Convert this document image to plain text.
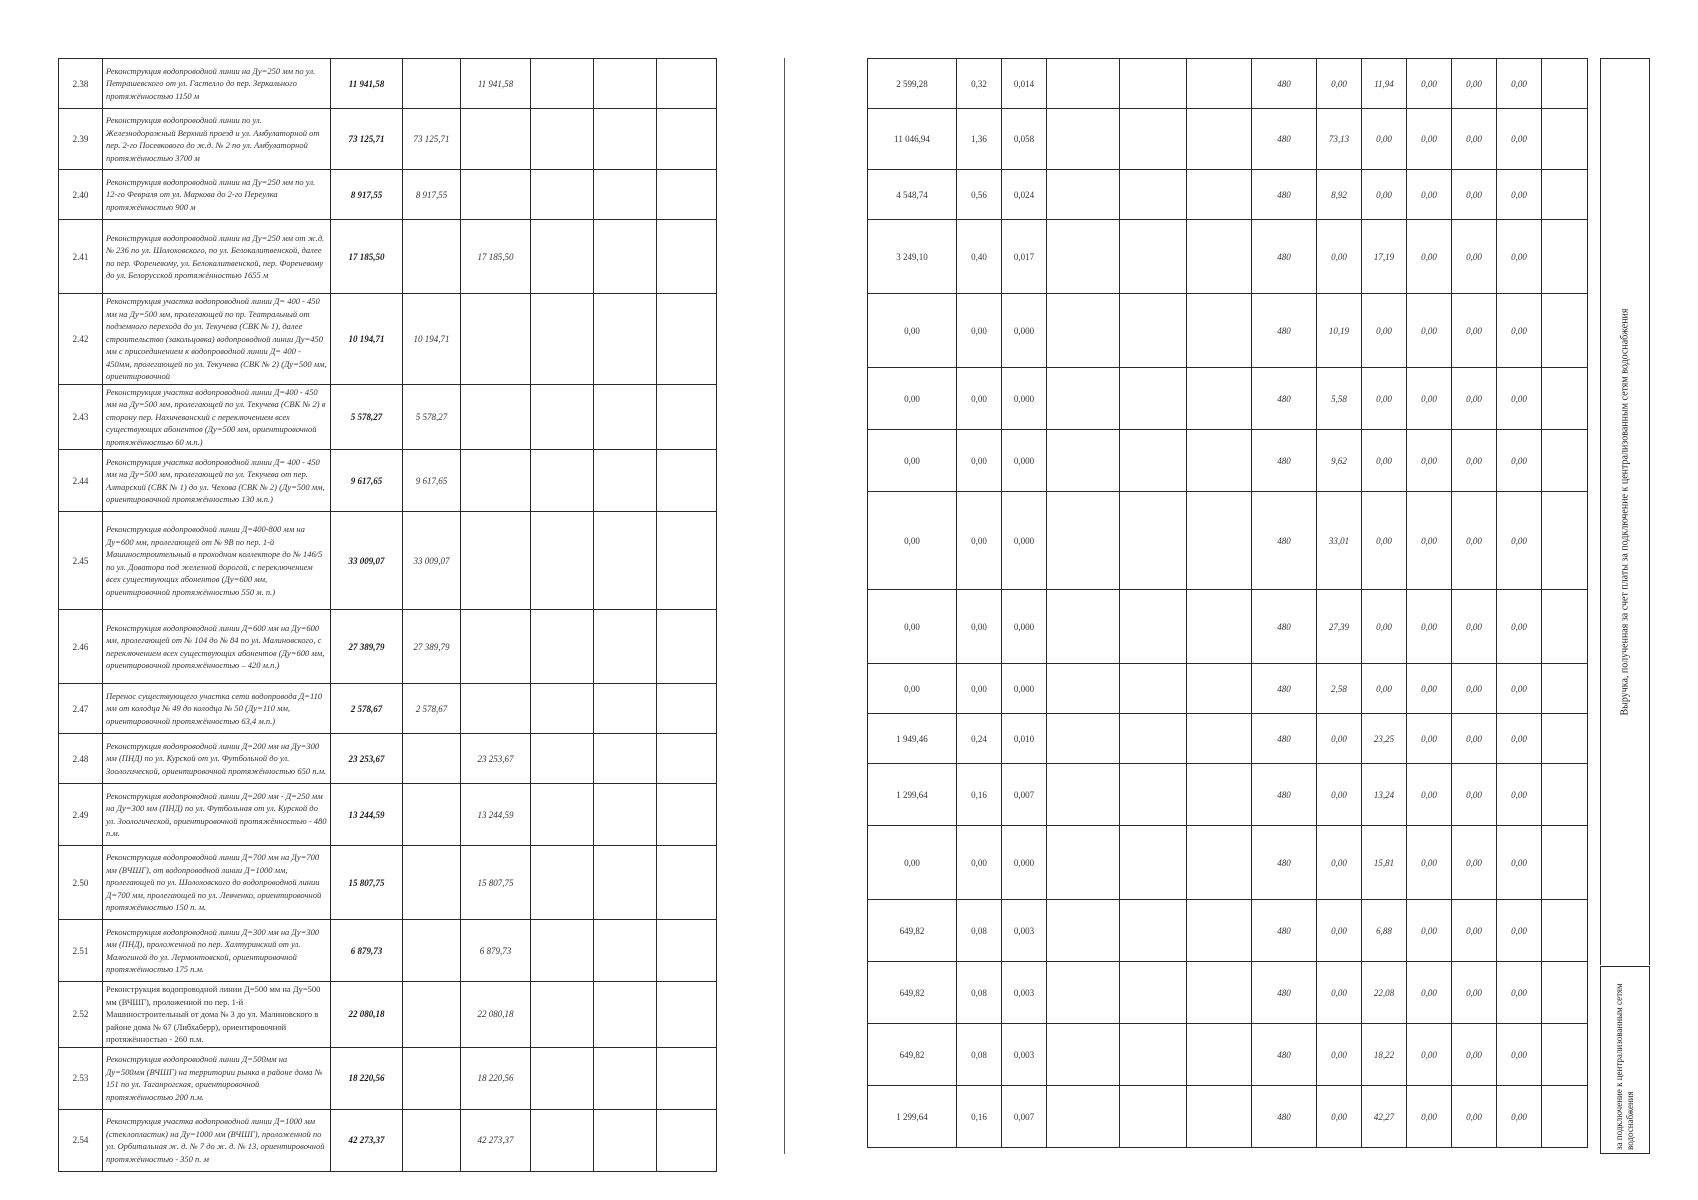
2.38	Реконструкция водопроводной линии на Ду=250 мм по ул. Петрашевского от ул. Гастелло до пер. Зеркального протяжённостью 1150 м	11 941,58		11 941,58			
2.39	Реконструкция водопроводной линии по ул. Железнодорожный Верхний проезд и ул. Амбулаторной от пер. 2-го Посевкового до ж.д. № 2 по ул. Амбулаторной протяжённостью 3700 м	73 125,71	73 125,71				
2.40	Реконструкция водопроводной линии на Ду=250 мм по ул. 12-го Февраля от ул. Маркова до 2-го Переулка протяжённостью 900 м	8 917,55	8 917,55				
2.41	Реконструкция водопроводной линии на Ду=250 мм от ж.д. № 236 по ул. Шолоховского, по ул. Белокалитвенской, далее по пер. Фореневому, ул. Белокалитвенской, пер. Фореневому до ул. Белорусской протяжённостью 1655 м	17 185,50		17 185,50			
2.42	Реконструкция участка водопроводной линии Д= 400 - 450 мм на Ду=500 мм, пролегающей по пр. Театральный от подземного перехода до ул. Текучева (СВК № 1), далее строительство (закольцовка) водопроводной линии Ду=450 мм с присоединением к водопроводной линии Д= 400 - 450мм, пролегающей по ул. Текучева (СВК № 2) (Ду=500 мм, ориентировочной	10 194,71	10 194,71				
2.43	Реконструкция участка водопроводной линии Д=400 - 450 мм на Ду=500 мм, пролегающей по ул. Текучева (СВК № 2) в сторону пер. Нахичеванский с переключением всех существующих абонентов (Ду=500 мм, ориентировочной протяжённостью 60 м.п.)	5 578,27	5 578,27				
2.44	Реконструкция участка водопроводной линии Д= 400 - 450 мм на Ду=500 мм, пролегающей по ул. Текучева от пер. Алтарский (СВК № 1) до ул. Чехова (СВК № 2) (Ду=500 мм, ориентировочной протяжённостью 130 м.п.)	9 617,65	9 617,65				
2.45	Реконструкция водопроводной линии Д=400-800 мм на Ду=600 мм, пролегающей от № 9В по пер. 1-й Машиностроительный в проходном коллекторе до № 146/5 по ул. Доватора под железной дорогой, с переключением всех существующих абонентов (Ду=600 мм, ориентировочной протяжённостью 550 м. п.)	33 009,07	33 009,07				
2.46	Реконструкция водопроводной линии Д=600 мм на Ду=600 мм, пролегающей от № 104 до № 84 по ул. Малиновского, с переключением всех существующих абонентов (Ду=600 мм, ориентировочной протяжённостью – 420 м.п.)	27 389,79	27 389,79				
2.47	Перенос существующего участка сети водопровода Д=110 мм от колодца № 49 до колодца № 50 (Ду=110 мм, ориентировочной протяжённостью 63,4 м.п.)	2 578,67	2 578,67				
2.48	Реконструкция водопроводной линии Д=200 мм на Ду=300 мм (ПНД) по ул. Курской от ул. Футбольной до ул. Зоологической, ориентировочной протяжённостью 650 п.м.	23 253,67		23 253,67			
2.49	Реконструкция водопроводной линии Д=200 мм - Д=250 мм на Ду=300 мм (ПНД) по ул. Футбольная от ул. Курской до ул. Зоологической, ориентировочной протяжённостью - 480 п.м.	13 244,59		13 244,59			
2.50	Реконструкция водопроводной линии Д=700 мм на Ду=700 мм (ВЧШГ), от водопроводной линии Д=1000 мм, пролегающей по ул. Шолоховского до водопроводной линии Д=700 мм, пролегающей по ул. Левченко, ориентировочной протяжённостью 150 п. м.	15 807,75		15 807,75			
2.51	Реконструкция водопроводной линии Д=300 мм на Ду=300 мм (ПНД), проложенной по пер. Халтуринский от ул. Малюгиной до ул. Лермонтовской, ориентировочной протяжённостью 175 п.м.	6 879,73		6 879,73			
2.52	Реконструкция водопроводной линии Д=500 мм на Ду=500 мм (ВЧШГ), проложенной по пер. 1-й Машиностроительный от дома № 3 до ул. Малиновского в районе дома № 67 (Либхаберр), ориентировочной протяжённостью - 260 п.м.	22 080,18		22 080,18			
2.53	Реконструкция водопроводной линии Д=500мм на Ду=500мм (ВЧШГ) на территории рынка в районе дома № 151 по ул. Таганрогская, ориентировочной протяжённостью 200 п.м.	18 220,56		18 220,56			
2.54	Реконструкция участка водопроводной линии Д=1000 мм (стеклопластик) на Ду=1000 мм (ВЧШГ), проложенной по ул. Орбитальная ж. д. № 7 до ж. д. № 13, ориентировочной протяжённостью - 350 п. м	42 273,37		42 273,37			
2 599,28	0,32	0,014				480	0,00	11,94	0,00	0,00	0,00	
11 046,94	1,36	0,058				480	73,13	0,00	0,00	0,00	0,00	
4 548,74	0,56	0,024				480	8,92	0,00	0,00	0,00	0,00	
3 249,10	0,40	0,017				480	0,00	17,19	0,00	0,00	0,00	
0,00	0,00	0,000				480	10,19	0,00	0,00	0,00	0,00	
0,00	0,00	0,000				480	5,58	0,00	0,00	0,00	0,00	
0,00	0,00	0,000				480	9,62	0,00	0,00	0,00	0,00	
0,00	0,00	0,000				480	33,01	0,00	0,00	0,00	0,00	
0,00	0,00	0,000				480	27,39	0,00	0,00	0,00	0,00	
0,00	0,00	0,000				480	2,58	0,00	0,00	0,00	0,00	
1 949,46	0,24	0,010				480	0,00	23,25	0,00	0,00	0,00	
1 299,64	0,16	0,007				480	0,00	13,24	0,00	0,00	0,00	
0,00	0,00	0,000				480	0,00	15,81	0,00	0,00	0,00	
649,82	0,08	0,003				480	0,00	6,88	0,00	0,00	0,00	
649,82	0,08	0,003				480	0,00	22,08	0,00	0,00	0,00	
649,82	0,08	0,003				480	0,00	18,22	0,00	0,00	0,00	
1 299,64	0,16	0,007				480	0,00	42,27	0,00	0,00	0,00	
Выручка, полученная за счет платы за подключение к централизованным сетям водоснабжения
за подключение к централизованным сетям водоснабжения
